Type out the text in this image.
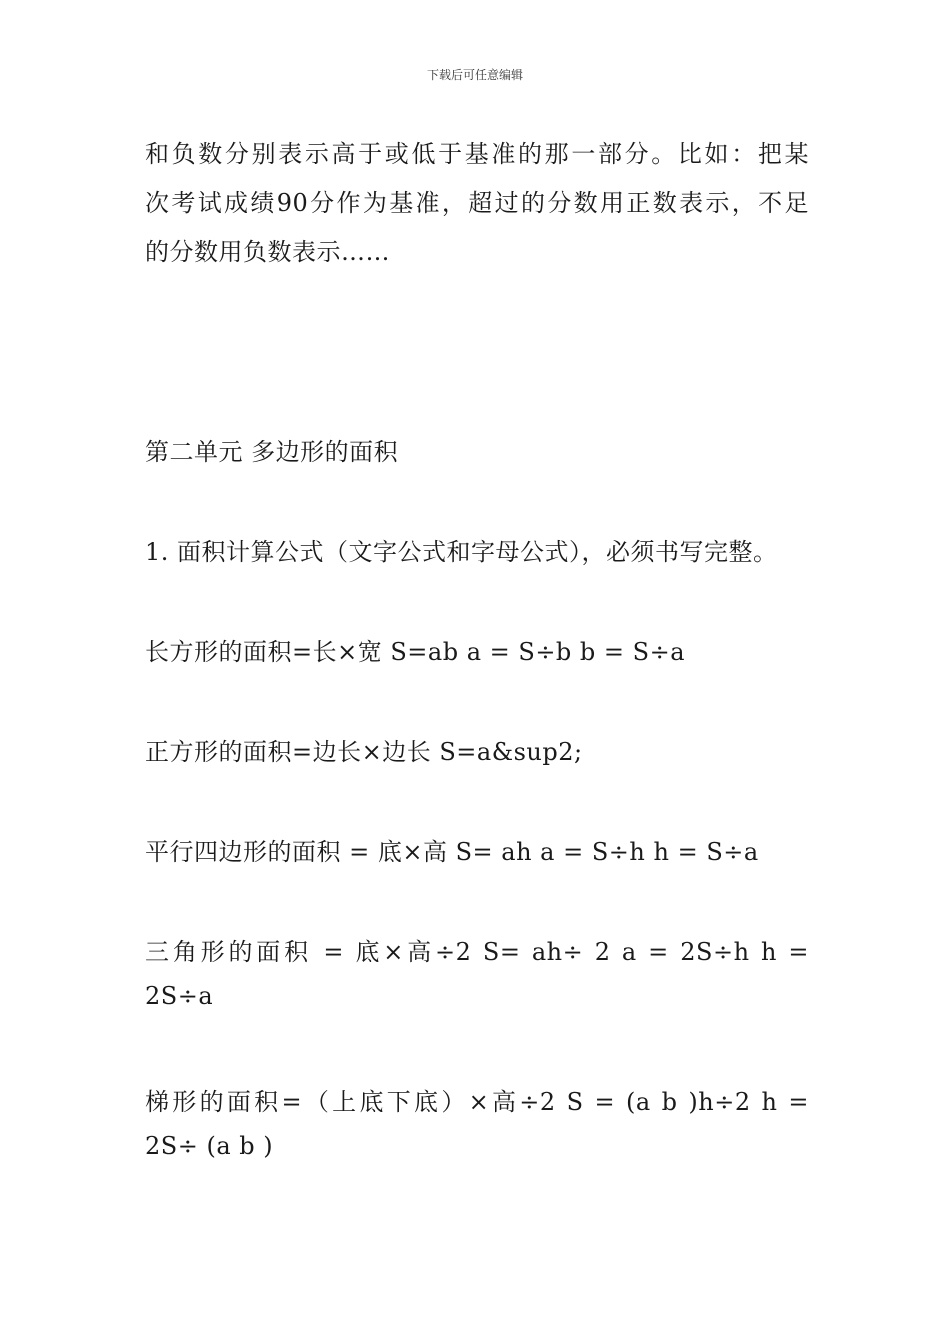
下载后可任意编辑
和负数分别表示高于或低于基准的那一部分。比如：把某
次考试成绩90分作为基准，超过的分数用正数表示，不足
的分数用负数表示……
第二单元 多边形的面积
1. 面积计算公式（文字公式和字母公式），必须书写完整。
长方形的面积=长×宽 S=ab a = S÷b b = S÷a
正方形的面积=边长×边长 S=a&sup2;
平行四边形的面积 = 底×高 S= ah a = S÷h h = S÷a
三角形的面积 = 底×高÷2 S= ah÷ 2 a = 2S÷h h =
2S÷a
梯形的面积=（上底下底）×高÷2 S = (a b )h÷2 h =
2S÷ (a b )
